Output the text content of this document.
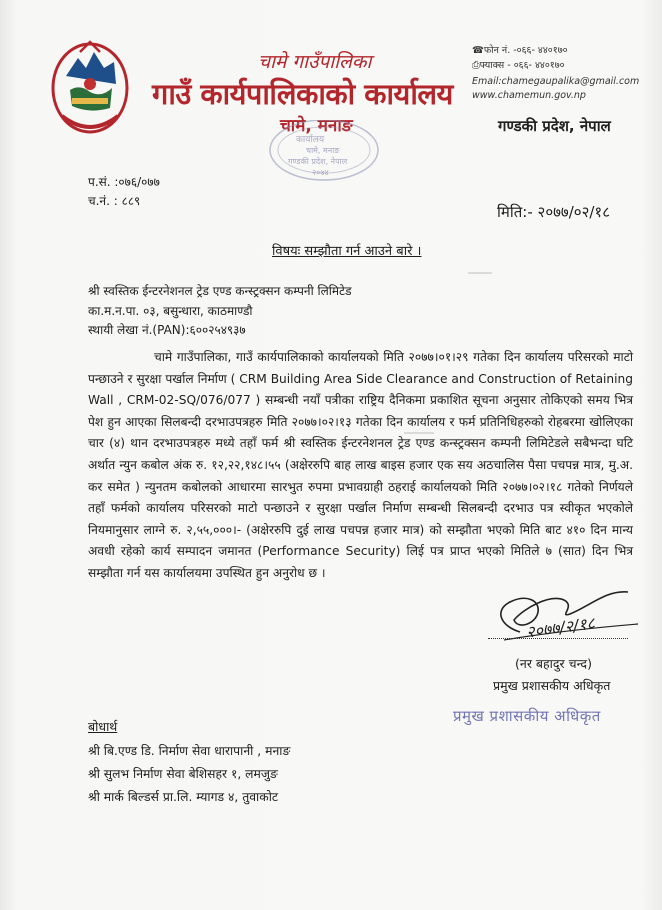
चामे गाउँपालिका
गाउँ कार्यपालिकाको कार्यालय
चामे, मनाङ
कार्यालय
चामे, मनाङ
गण्डकी प्रदेश, नेपाल
२०७४
☎फोन नं. -०६६- ४४०१७०
⎙फ्याक्स - ०६६- ४४०१७०
Email:chamegaupalika@gmail.com
www.chamemun.gov.np
गण्डकी प्रदेश, नेपाल
प.सं. :०७६/०७७
च.नं. : ८८९
मिति:- २०७७/०२/१८
विषयः सम्झौता गर्न आउने बारे ।
श्री स्वस्तिक ईन्टरनेशनल ट्रेड एण्ड कन्स्ट्रक्सन कम्पनी लिमिटेड
का.म.न.पा. ०३, बसुन्धारा, काठमाण्डौ
स्थायी लेखा नं.(PAN):६००२५४९३७
चामे गाउँपालिका, गाउँ कार्यपालिकाको कार्यालयको मिति २०७७।०१।२९ गतेका दिन कार्यालय परिसरको माटो पन्छाउने र सुरक्षा पर्खाल निर्माण ( CRM Building Area Side Clearance and Construction of Retaining Wall , CRM-02-SQ/076/077 ) सम्बन्धी नयाँ पत्रीका राष्ट्रिय दैनिकमा प्रकाशित सूचना अनुसार तोकिएको समय भित्र पेश हुन आएका सिलबन्दी दरभाउपत्रहरु मिति २०७७।०२।१३ गतेका दिन कार्यालय र फर्म प्रतिनिधिहरुको रोहबरमा खोलिएका चार (४) थान दरभाउपत्रहरु मध्ये तहाँ फर्म श्री स्वस्तिक ईन्टरनेशनल ट्रेड एण्ड कन्स्ट्रक्सन कम्पनी लिमिटेडले सबैभन्दा घटि अर्थात न्युन कबोल अंक रु. १२,२२,१४८।५५ (अक्षेररुपि बाह लाख बाइस हजार एक सय अठचालिस पैसा पचपन्न मात्र, मु.अ. कर समेत ) न्युनतम कबोलको आधारमा सारभुत रुपमा प्रभावग्राही ठहराई कार्यालयको मिति २०७७।०२।१८ गतेको निर्णयले तहाँ फर्मको कार्यालय परिसरको माटो पन्छाउने र सुरक्षा पर्खाल निर्माण सम्बन्धी सिलबन्दी दरभाउ पत्र स्वीकृत भएकोले नियमानुसार लाग्ने रु. २,५५,०००।- (अक्षेररुपि दुई लाख पचपन्न हजार मात्र) को सम्झौता भएको मिति बाट ४१० दिन मान्य अवधी रहेको कार्य सम्पादन जमानत (Performance Security) लिई पत्र प्राप्त भएको मितिले ७ (सात) दिन भित्र सम्झौता गर्न यस कार्यालयमा उपस्थित हुन अनुरोध छ ।
२०७७/२/१८
(नर बहादुर चन्द)
प्रमुख प्रशासकीय अधिकृत
प्रमुख प्रशासकीय अधिकृत
बोधार्थ
श्री बि.एण्ड डि. निर्माण सेवा धारापानी , मनाङ
श्री सुलभ निर्माण सेवा बेशिसहर १, लमजुङ
श्री मार्क बिल्डर्स प्रा.लि. म्यागड ४, तुवाकोट
